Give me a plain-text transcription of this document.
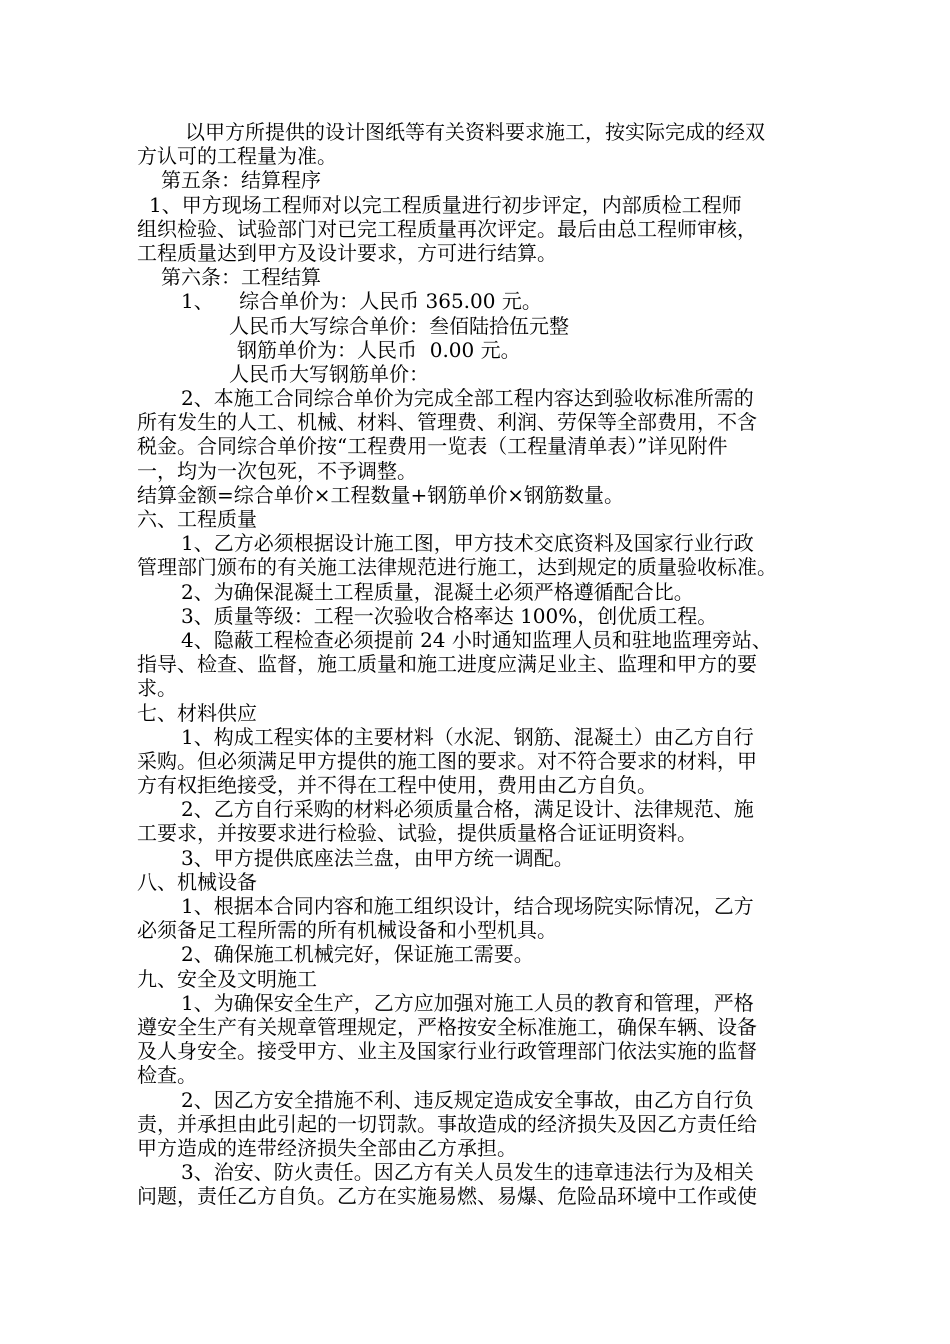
以甲方所提供的设计图纸等有关资料要求施工，按实际完成的经双
方认可的工程量为准。
第五条：结算程序
1、甲方现场工程师对以完工程质量进行初步评定，内部质检工程师
组织检验、试验部门对已完工程质量再次评定。最后由总工程师审核，
工程质量达到甲方及设计要求，方可进行结算。
第六条：工程结算
1、    综合单价为：人民币 365.00 元。
人民币大写综合单价：叁佰陆拾伍元整
钢筋单价为：人民币  0.00 元。
人民币大写钢筋单价：
2、本施工合同综合单价为完成全部工程内容达到验收标准所需的
所有发生的人工、机械、材料、管理费、利润、劳保等全部费用，不含
税金。合同综合单价按“工程费用一览表（工程量清单表）”详见附件
一，均为一次包死，不予调整。
结算金额=综合单价×工程数量+钢筋单价×钢筋数量。
六、工程质量
1、乙方必须根据设计施工图，甲方技术交底资料及国家行业行政
管理部门颁布的有关施工法律规范进行施工，达到规定的质量验收标准。
2、为确保混凝土工程质量，混凝土必须严格遵循配合比。
3、质量等级：工程一次验收合格率达 100%，创优质工程。
4、隐蔽工程检查必须提前 24 小时通知监理人员和驻地监理旁站、
指导、检查、监督，施工质量和施工进度应满足业主、监理和甲方的要
求。
七、材料供应
1、构成工程实体的主要材料（水泥、钢筋、混凝土）由乙方自行
采购。但必须满足甲方提供的施工图的要求。对不符合要求的材料，甲
方有权拒绝接受，并不得在工程中使用，费用由乙方自负。
2、乙方自行采购的材料必须质量合格，满足设计、法律规范、施
工要求，并按要求进行检验、试验，提供质量格合证证明资料。
3、甲方提供底座法兰盘，由甲方统一调配。
八、机械设备
1、根据本合同内容和施工组织设计，结合现场院实际情况，乙方
必须备足工程所需的所有机械设备和小型机具。
2、确保施工机械完好，保证施工需要。
九、安全及文明施工
1、为确保安全生产，乙方应加强对施工人员的教育和管理，严格
遵安全生产有关规章管理规定，严格按安全标准施工，确保车辆、设备
及人身安全。接受甲方、业主及国家行业行政管理部门依法实施的监督
检查。
2、因乙方安全措施不利、违反规定造成安全事故，由乙方自行负
责，并承担由此引起的一切罚款。事故造成的经济损失及因乙方责任给
甲方造成的连带经济损失全部由乙方承担。
3、治安、防火责任。因乙方有关人员发生的违章违法行为及相关
问题，责任乙方自负。乙方在实施易燃、易爆、危险品环境中工作或使
